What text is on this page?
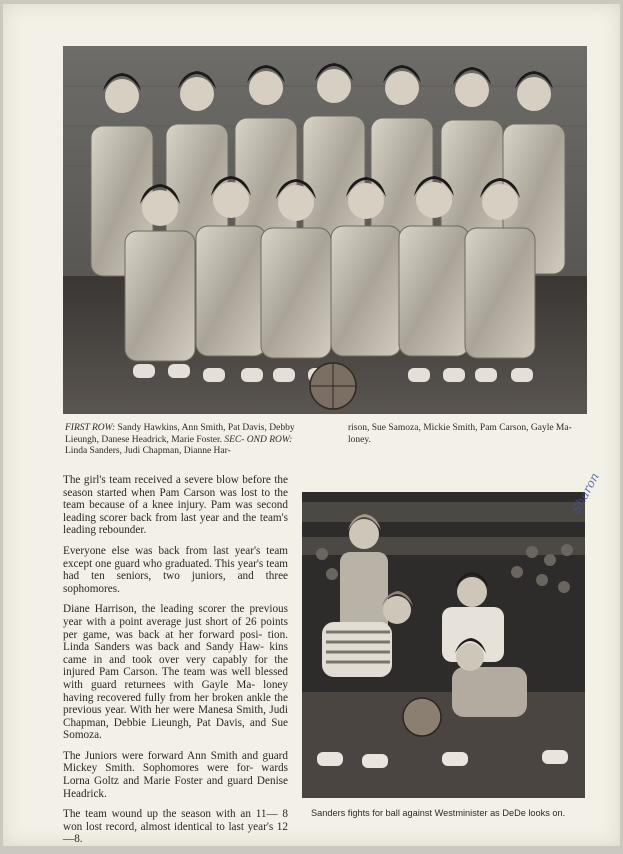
FIRST ROW: Sandy Hawkins, Ann Smith, Pat Davis, Debby Lieungh, Danese Headrick, Marie Foster. SEC- OND ROW: Linda Sanders, Judi Chapman, Dianne Har-
rison, Sue Samoza, Mickie Smith, Pam Carson, Gayle Ma- loney.

The girl's team received a severe blow before the season started when Pam Carson was lost to the team because of a knee injury. Pam was second leading scorer back from last year and the team's leading rebounder.

Everyone else was back from last year's team except one guard who graduated. This year's team had ten seniors, two juniors, and three sophomores.

Diane Harrison, the leading scorer the previous year with a point average just short of 26 points per game, was back at her forward posi- tion. Linda Sanders was back and Sandy Haw- kins came in and took over very capably for the injured Pam Carson. The team was well blessed with guard returnees with Gayle Ma- loney having recovered fully from her broken ankle the previous year. With her were Manesa Smith, Judi Chapman, Debbie Lieungh, Pat Davis, and Sue Somoza.

The Juniors were forward Ann Smith and guard Mickey Smith. Sophomores were for- wards Lorna Goltz and Marie Foster and guard Denise Headrick.

The team wound up the season with an 11— 8 won lost record, almost identical to last year's 12—8.

Sharon
Sanders fights for ball against Westminister as DeDe looks on.
